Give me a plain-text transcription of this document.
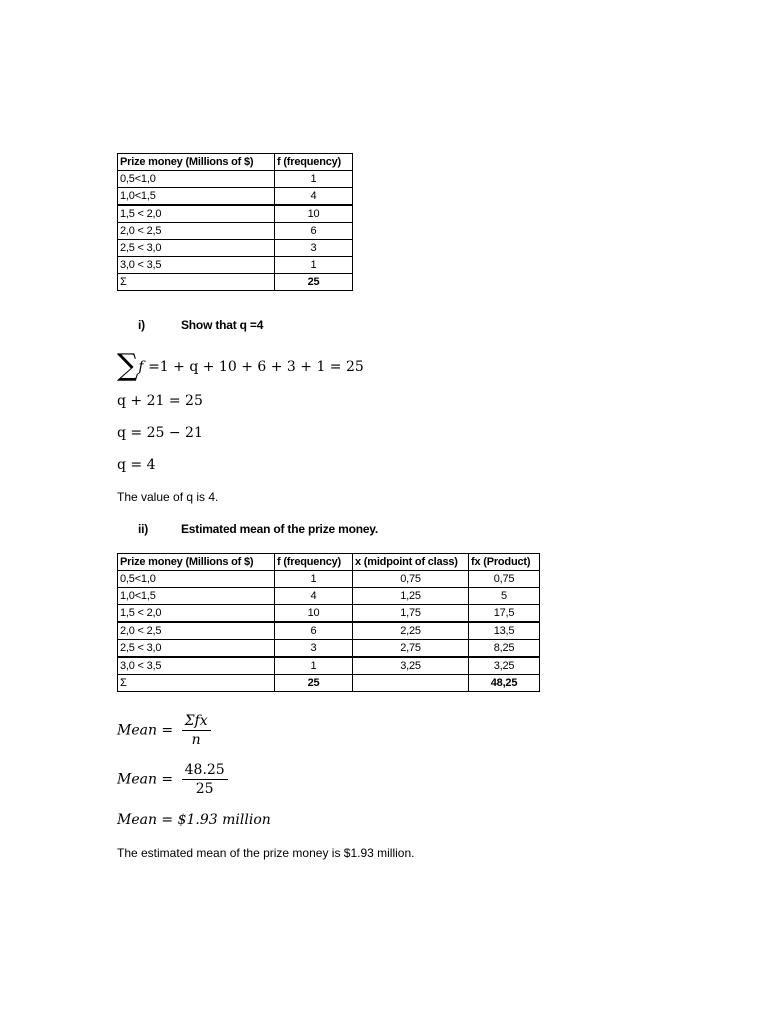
Prize money (Millions of $)	f (frequency)
0,5<1,0	1
1,0<1,5	4
1,5 < 2,0	10
2,0 < 2,5	6
2,5 < 3,0	3
3,0 < 3,5	1
Σ	25
i)	Show that q =4
∑f =1 + q + 10 + 6 + 3 + 1 = 25
q + 21 = 25
q = 25 − 21
q = 4
The value of q is 4.
ii)	Estimated mean of the prize money.
Prize money (Millions of $)	f (frequency)	x (midpoint of class)	fx (Product)
0,5<1,0	1	0,75	0,75
1,0<1,5	4	1,25	5
1,5 < 2,0	10	1,75	17,5
2,0 < 2,5	6	2,25	13,5
2,5 < 3,0	3	2,75	8,25
3,0 < 3,5	1	3,25	3,25
Σ	25		48,25
Mean = $\frac{\text{Σfx}}{n}$
Mean = $\frac{48.25}{25}$
Mean = $1.93 million
The estimated mean of the prize money is $1.93 million.
